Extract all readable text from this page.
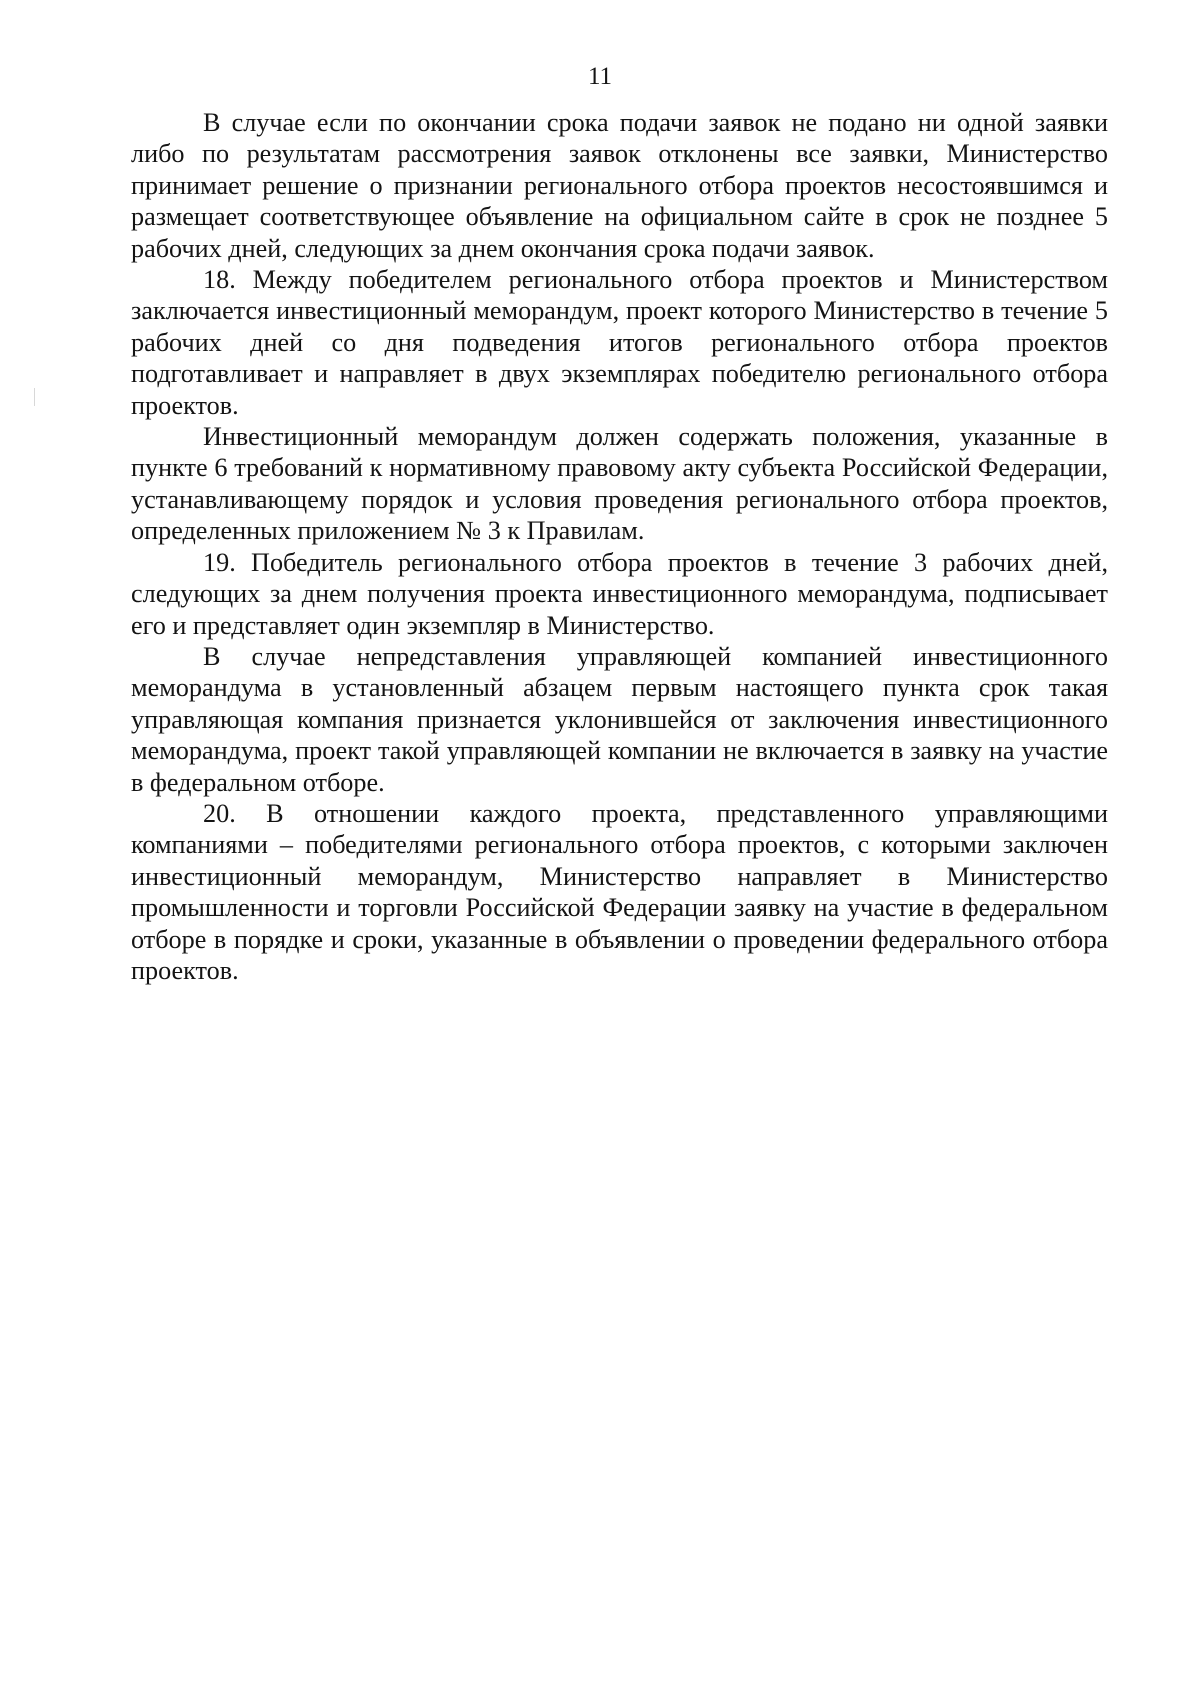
11

В случае если по окончании срока подачи заявок не подано ни одной заявки либо по результатам рассмотрения заявок отклонены все заявки, Министерство принимает решение о признании регионального отбора проектов несостоявшимся и размещает соответствующее объявление на официальном сайте в срок не позднее 5 рабочих дней, следующих за днем окончания срока подачи заявок.

18. Между победителем регионального отбора проектов и Министерством заключается инвестиционный меморандум, проект которого Министерство в течение 5 рабочих дней со дня подведения итогов регионального отбора проектов подготавливает и направляет в двух экземплярах победителю регионального отбора проектов.

Инвестиционный меморандум должен содержать положения, указанные в пункте 6 требований к нормативному правовому акту субъекта Российской Федерации, устанавливающему порядок и условия проведения регионального отбора проектов, определенных приложением № 3 к Правилам.

19. Победитель регионального отбора проектов в течение 3 рабочих дней, следующих за днем получения проекта инвестиционного меморандума, подписывает его и представляет один экземпляр в Министерство.

В случае непредставления управляющей компанией инвестиционного меморандума в установленный абзацем первым настоящего пункта срок такая управляющая компания признается уклонившейся от заключения инвестиционного меморандума, проект такой управляющей компании не включается в заявку на участие в федеральном отборе.

20. В отношении каждого проекта, представленного управляющими компаниями – победителями регионального отбора проектов, с которыми заключен инвестиционный меморандум, Министерство направляет в Министерство промышленности и торговли Российской Федерации заявку на участие в федеральном отборе в порядке и сроки, указанные в объявлении о проведении федерального отбора проектов.
